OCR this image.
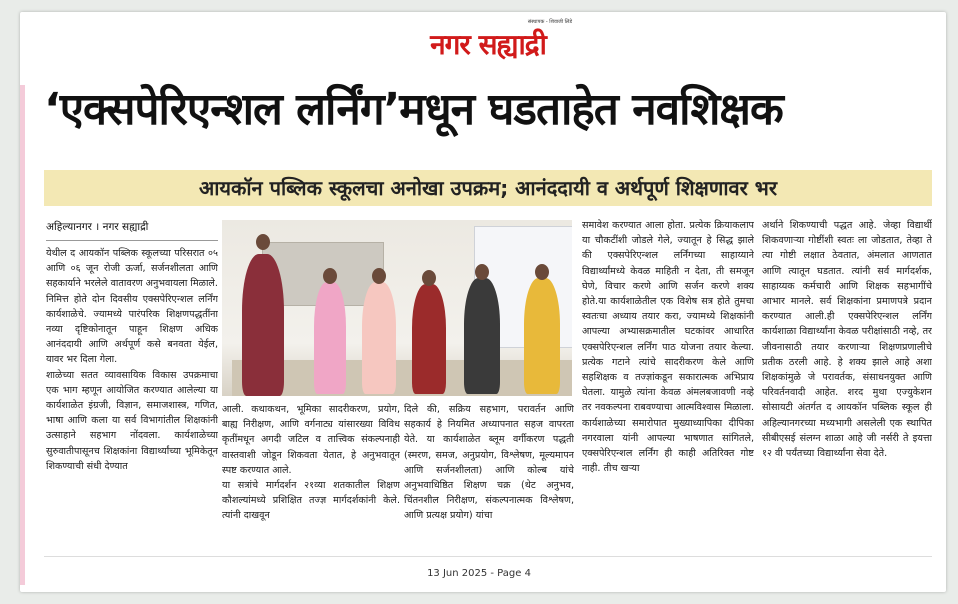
संस्थापक - शिवाजी लिंडे
नगर सह्याद्री
‘एक्सपेरिएन्शल लर्निंग’मधून घडताहेत नवशिक्षक
आयकॉन पब्लिक स्कूलचा अनोखा उपक्रम; आनंददायी व अर्थपूर्ण शिक्षणावर भर
अहिल्यानगर । नगर सह्याद्री
येथील द आयकॉन पब्लिक स्कूलच्या परिसरात ०५ आणि ०६ जून रोजी ऊर्जा, सर्जनशीलता आणि सहकार्याने भरलेले वातावरण अनुभवायला मिळाले. निमित्त होते दोन दिवसीय एक्सपेरिएन्शल लर्निंग कार्यशाळेचे. ज्यामध्ये पारंपरिक शिक्षणपद्धतींना नव्या दृष्टिकोनातून पाहून शिक्षण अधिक आनंददायी आणि अर्थपूर्ण कसे बनवता येईल, यावर भर दिला गेला.
शाळेच्या सतत व्यावसायिक विकास उपक्रमाचा एक भाग म्हणून आयोजित करण्यात आलेल्या या कार्यशाळेत इंग्रजी, विज्ञान, समाजशास्त्र, गणित, भाषा आणि कला या सर्व विभागांतील शिक्षकांनी उत्साहाने सहभाग नोंदवला. कार्यशाळेच्या सुरुवातीपासूनच शिक्षकांना विद्यार्थ्यांच्या भूमिकेतून शिकण्याची संधी देण्यात
आली. कथाकथन, भूमिका सादरीकरण, प्रयोग, बाह्य निरीक्षण, आणि वर्गनाट्य यांसारख्या विविध कृतींमधून अगदी जटिल व तात्त्विक संकल्पनाही वास्तवाशी जोडून शिकवता येतात, हे अनुभवातून स्पष्ट करण्यात आले.
या सत्रांचे मार्गदर्शन २१व्या शतकातील शिक्षण कौशल्यांमध्ये प्रशिक्षित तज्ज्ञ मार्गदर्शकांनी केले. त्यांनी दाखवून
दिले की, सक्रिय सहभाग, परावर्तन आणि सहकार्य हे नियमित अध्यापनात सहज वापरता येते. या कार्यशाळेत ब्लूम वर्गीकरण पद्धती (स्मरण, समज, अनुप्रयोग, विश्लेषण, मूल्यमापन आणि सर्जनशीलता) आणि कोल्ब यांचे अनुभवाधिष्ठित शिक्षण चक्र (थेट अनुभव, चिंतनशील निरीक्षण, संकल्पनात्मक विश्लेषण, आणि प्रत्यक्ष प्रयोग) यांचा
समावेश करण्यात आला होता. प्रत्येक क्रियाकलाप या चौकटींशी जोडले गेले, ज्यातून हे सिद्ध झाले की एक्सपेरिएन्शल लर्निंगच्या साहाय्याने विद्यार्थ्यांमध्ये केवळ माहिती न देता, ती समजून घेणे, विचार करणे आणि सर्जन करणे शक्य होते.या कार्यशाळेतील एक विशेष सत्र होते तुमचा स्वतःचा अध्याय तयार करा, ज्यामध्ये शिक्षकांनी आपल्या अभ्यासक्रमातील घटकांवर आधारित एक्सपेरिएन्शल लर्निंग पाठ योजना तयार केल्या. प्रत्येक गटाने त्यांचे सादरीकरण केले आणि सहशिक्षक व तज्ज्ञांकडून सकारात्मक अभिप्राय घेतला. यामुळे त्यांना केवळ अंमलबजावणी नव्हे तर नवकल्पना राबवण्याचा आत्मविश्वास मिळाला. कार्यशाळेच्या समारोपात मुख्याध्यापिका दीपिका नगरवाला यांनी आपल्या भाषणात सांगितले, एक्सपेरिएन्शल लर्निंग ही काही अतिरिक्त गोष्ट नाही. तीच खऱ्या
अर्थाने शिकण्याची पद्धत आहे. जेव्हा विद्यार्थी शिकवणाऱ्या गोष्टींशी स्वतः ला जोडतात, तेव्हा ते त्या गोष्टी लक्षात ठेवतात, अंमलात आणतात आणि त्यातून घडतात. त्यांनी सर्व मार्गदर्शक, साहाय्यक कर्मचारी आणि शिक्षक सहभागींचे आभार मानले. सर्व शिक्षकांना प्रमाणपत्रे प्रदान करण्यात आली.ही एक्सपेरिएन्शल लर्निंग कार्यशाळा विद्यार्थ्यांना केवळ परीक्षांसाठी नव्हे, तर जीवनासाठी तयार करणाऱ्या शिक्षणप्रणालीचे प्रतीक ठरली आहे. हे शक्य झाले आहे अशा शिक्षकांमुळे जे परावर्तक, संसाधनयुक्त आणि परिवर्तनवादी आहेत. शरद मुथा एज्युकेशन सोसायटी अंतर्गत द आयकॉन पब्लिक स्कूल ही अहिल्यानगरच्या मध्यभागी असलेली एक स्थापित सीबीएसई संलग्न शाळा आहे जी नर्सरी ते इयत्ता १२ वी पर्यंतच्या विद्यार्थ्यांना सेवा देते.
13 Jun 2025 - Page 4
